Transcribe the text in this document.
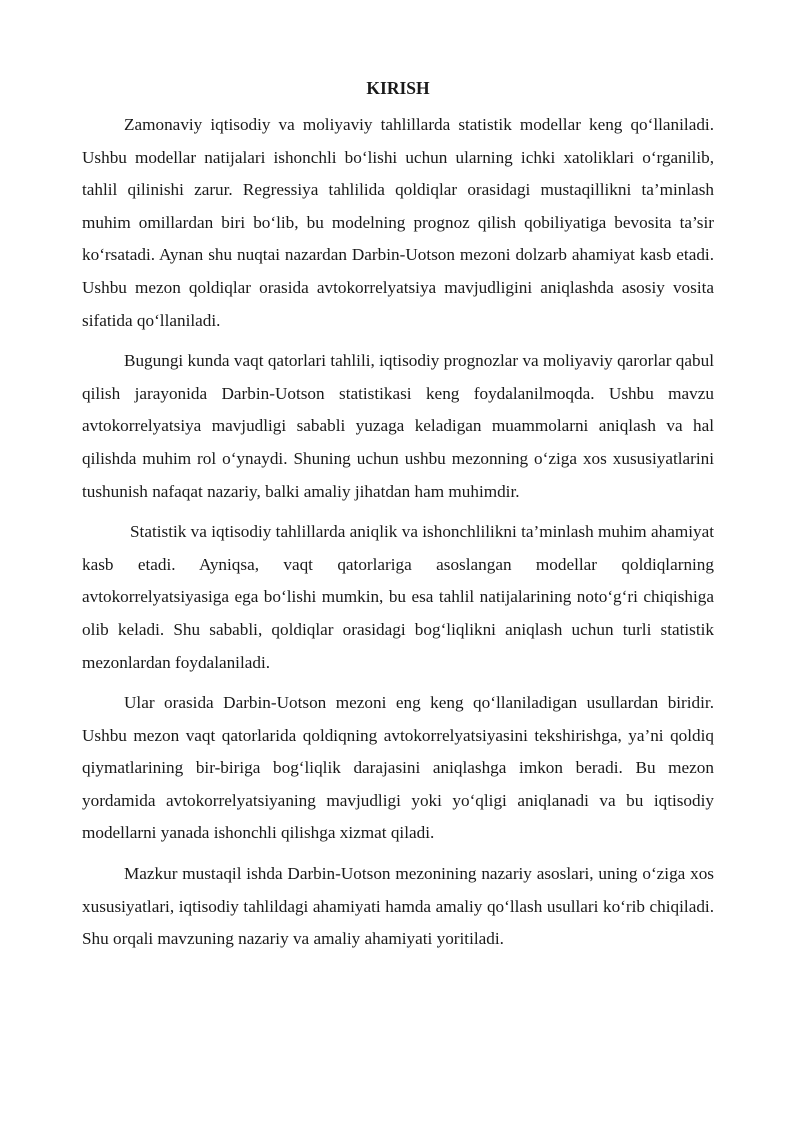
KIRISH

Zamonaviy iqtisodiy va moliyaviy tahlillarda statistik modellar keng qo‘llaniladi. Ushbu modellar natijalari ishonchli bo‘lishi uchun ularning ichki xatoliklari o‘rganilib, tahlil qilinishi zarur. Regressiya tahlilida qoldiqlar orasidagi mustaqillikni ta’minlash muhim omillardan biri bo‘lib, bu modelning prognoz qilish qobiliyatiga bevosita ta’sir ko‘rsatadi. Aynan shu nuqtai nazardan Darbin-Uotson mezoni dolzarb ahamiyat kasb etadi. Ushbu mezon qoldiqlar orasida avtokorrelyatsiya mavjudligini aniqlashda asosiy vosita sifatida qo‘llaniladi.

Bugungi kunda vaqt qatorlari tahlili, iqtisodiy prognozlar va moliyaviy qarorlar qabul qilish jarayonida Darbin-Uotson statistikasi keng foydalanilmoqda. Ushbu mavzu avtokorrelyatsiya mavjudligi sababli yuzaga keladigan muammolarni aniqlash va hal qilishda muhim rol o‘ynaydi. Shuning uchun ushbu mezonning o‘ziga xos xususiyatlarini tushunish nafaqat nazariy, balki amaliy jihatdan ham muhimdir.

Statistik va iqtisodiy tahlillarda aniqlik va ishonchlilikni ta’minlash muhim ahamiyat kasb etadi. Ayniqsa, vaqt qatorlariga asoslangan modellar qoldiqlarning avtokorrelyatsiyasiga ega bo‘lishi mumkin, bu esa tahlil natijalarining noto‘g‘ri chiqishiga olib keladi. Shu sababli, qoldiqlar orasidagi bog‘liqlikni aniqlash uchun turli statistik mezonlardan foydalaniladi.

Ular orasida Darbin-Uotson mezoni eng keng qo‘llaniladigan usullardan biridir. Ushbu mezon vaqt qatorlarida qoldiqning avtokorrelyatsiyasini tekshirishga, ya’ni qoldiq qiymatlarining bir-biriga bog‘liqlik darajasini aniqlashga imkon beradi. Bu mezon yordamida avtokorrelyatsiyaning mavjudligi yoki yo‘qligi aniqlanadi va bu iqtisodiy modellarni yanada ishonchli qilishga xizmat qiladi.

Mazkur mustaqil ishda Darbin-Uotson mezonining nazariy asoslari, uning o‘ziga xos xususiyatlari, iqtisodiy tahlildagi ahamiyati hamda amaliy qo‘llash usullari ko‘rib chiqiladi. Shu orqali mavzuning nazariy va amaliy ahamiyati yoritiladi.
